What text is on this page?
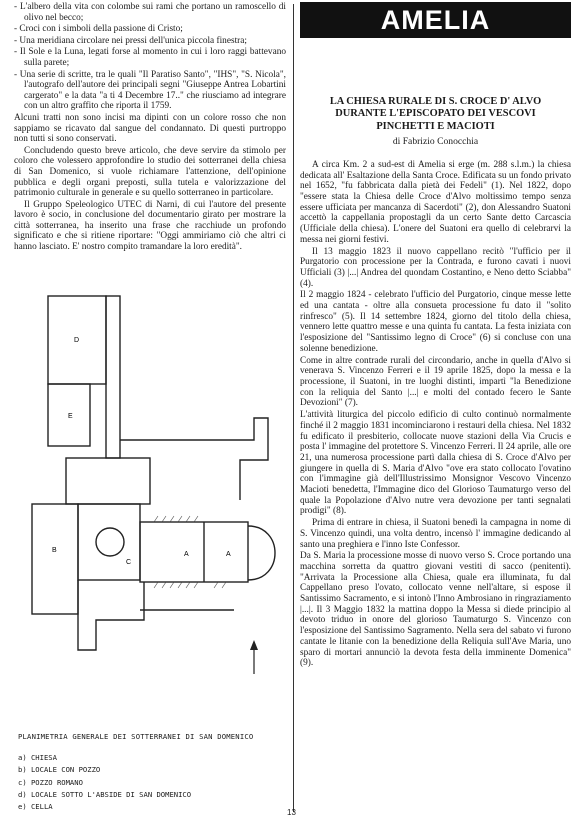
- L'albero della vita con colombe sui rami che portano un ramoscello di olivo nel becco;

- Croci con i simboli della passione di Cristo;

- Una meridiana circolare nei pressi dell'unica piccola finestra;

- Il Sole e la Luna, legati forse al momento in cui i loro raggi battevano sulla parete;

- Una serie di scritte, tra le quali "Il Paratiso Santo", "IHS", "S. Nicola", l'autografo dell'autore dei principali segni "Giuseppe Antrea Lobartini cargerato" e la data "a ti 4 Decembre 17.." che riusciamo ad integrare con un altro graffito che riporta il 1759.

Alcuni tratti non sono incisi ma dipinti con un colore rosso che non sappiamo se ricavato dal sangue del condannato. Di questi purtroppo non tutti si sono conservati.

Concludendo questo breve articolo, che deve servire da stimolo per coloro che volessero approfondire lo studio dei sotterranei della chiesa di San Domenico, si vuole richiamare l'attenzione, dell'opinione pubblica e degli organi preposti, sulla tutela e valorizzazione del patrimonio culturale in generale e su quello sotterraneo in particolare.

Il Gruppo Speleologico UTEC di Narni, di cui l'autore del presente lavoro è socio, in conclusione del documentario girato per mostrare la città sotterranea, ha inserito una frase che racchiude un profondo significato e che si ritiene riportare: "Oggi ammiriamo ciò che altri ci hanno lasciato. E' nostro compito tramandare la loro eredità".

D
E
C
B
A	A
PLANIMETRIA GENERALE DEI SOTTERRANEI DI SAN DOMENICO
a) CHIESA
b) LOCALE CON POZZO
c) POZZO ROMANO
d) LOCALE SOTTO L'ABSIDE DI SAN DOMENICO
e) CELLA
AMELIA
LA CHIESA RURALE DI S. CROCE D' ALVO DURANTE L'EPISCOPATO DEI VESCOVI PINCHETTI E MACIOTI
di Fabrizio Conocchia

A circa Km. 2 a sud-est di Amelia si erge (m. 288 s.l.m.) la chiesa dedicata all' Esaltazione della Santa Croce. Edificata su un fondo privato nel 1652, "fu fabbricata dalla pietà dei Fedeli" (1). Nel 1822, dopo "essere stata la Chiesa delle Croce d'Alvo moltissimo tempo senza essere ufficiata per mancanza di Sacerdoti" (2), don Alessandro Suatoni accettò la cappellania propostagli da un certo Sante detto Carcascia (Ufficiale della chiesa). L'onere del Suatoni era quello di celebrarvi la messa nei giorni festivi.

Il 13 maggio 1823 il nuovo cappellano recitò "l'ufficio per il Purgatorio con processione per la Contrada, e furono cavati i nuovi Ufficiali (3) |...| Andrea del quondam Costantino, e Neno detto Sciabba" (4).

Il 2 maggio 1824 - celebrato l'ufficio del Purgatorio, cinque messe lette ed una cantata - oltre alla consueta processione fu dato il "solito rinfresco" (5). Il 14 settembre 1824, giorno del titolo della chiesa, vennero lette quattro messe e una quinta fu cantata. La festa iniziata con l'esposizione del "Santissimo legno di Croce" (6) si concluse con una solenne benedizione.

Come in altre contrade rurali del circondario, anche in quella d'Alvo si venerava S. Vincenzo Ferreri e il 19 aprile 1825, dopo la messa e la processione, il Suatoni, in tre luoghi distinti, impartì "la Benedizione con la reliquia del Santo |...| e molti del contado fecero le Sante Devozioni" (7).

L'attività liturgica del piccolo edificio di culto continuò normalmente finché il 2 maggio 1831 incominciarono i restauri della chiesa. Nel 1832 fu edificato il presbiterio, collocate nuove stazioni della Via Crucis e posta l' immagine del protettore S. Vincenzo Ferreri. Il 24 aprile, alle ore 21, una numerosa processione partì dalla chiesa di S. Croce d'Alvo per giungere in quella di S. Maria d'Alvo "ove era stato collocato l'ovatino con l'immagine già dell'Illustrissimo Monsignor Vescovo Vincenzo Macioti benedetta, l'Immagine dico del Glorioso Taumaturgo verso del quale la Popolazione d'Alvo nutre vera devozione per tanti segnalati prodigi" (8).

Prima di entrare in chiesa, il Suatoni benedì la campagna in nome di S. Vincenzo quindi, una volta dentro, incensò l' immagine dedicando al santo una preghiera e l'inno Iste Confessor.

Da S. Maria la processione mosse di nuovo verso S. Croce portando una macchina sorretta da quattro giovani vestiti di sacco (penitenti). "Arrivata la Processione alla Chiesa, quale era illuminata, fu dal Cappellano preso l'ovato, collocato venne nell'altare, si espose il Santissimo Sacramento, e si intonò l'Inno Ambrosiano in ringraziamento |...|. Il 3 Maggio 1832 la mattina doppo la Messa si diede principio al devoto triduo in onore del glorioso Taumaturgo S. Vincenzo con l'esposizione del Santissimo Sagramento. Nella sera del sabato vi furono cantate le litanie con la benedizione della Reliquia sull'Ave Maria, uno sparo di mortari annunciò la devota festa della imminente Domenica" (9).

13
